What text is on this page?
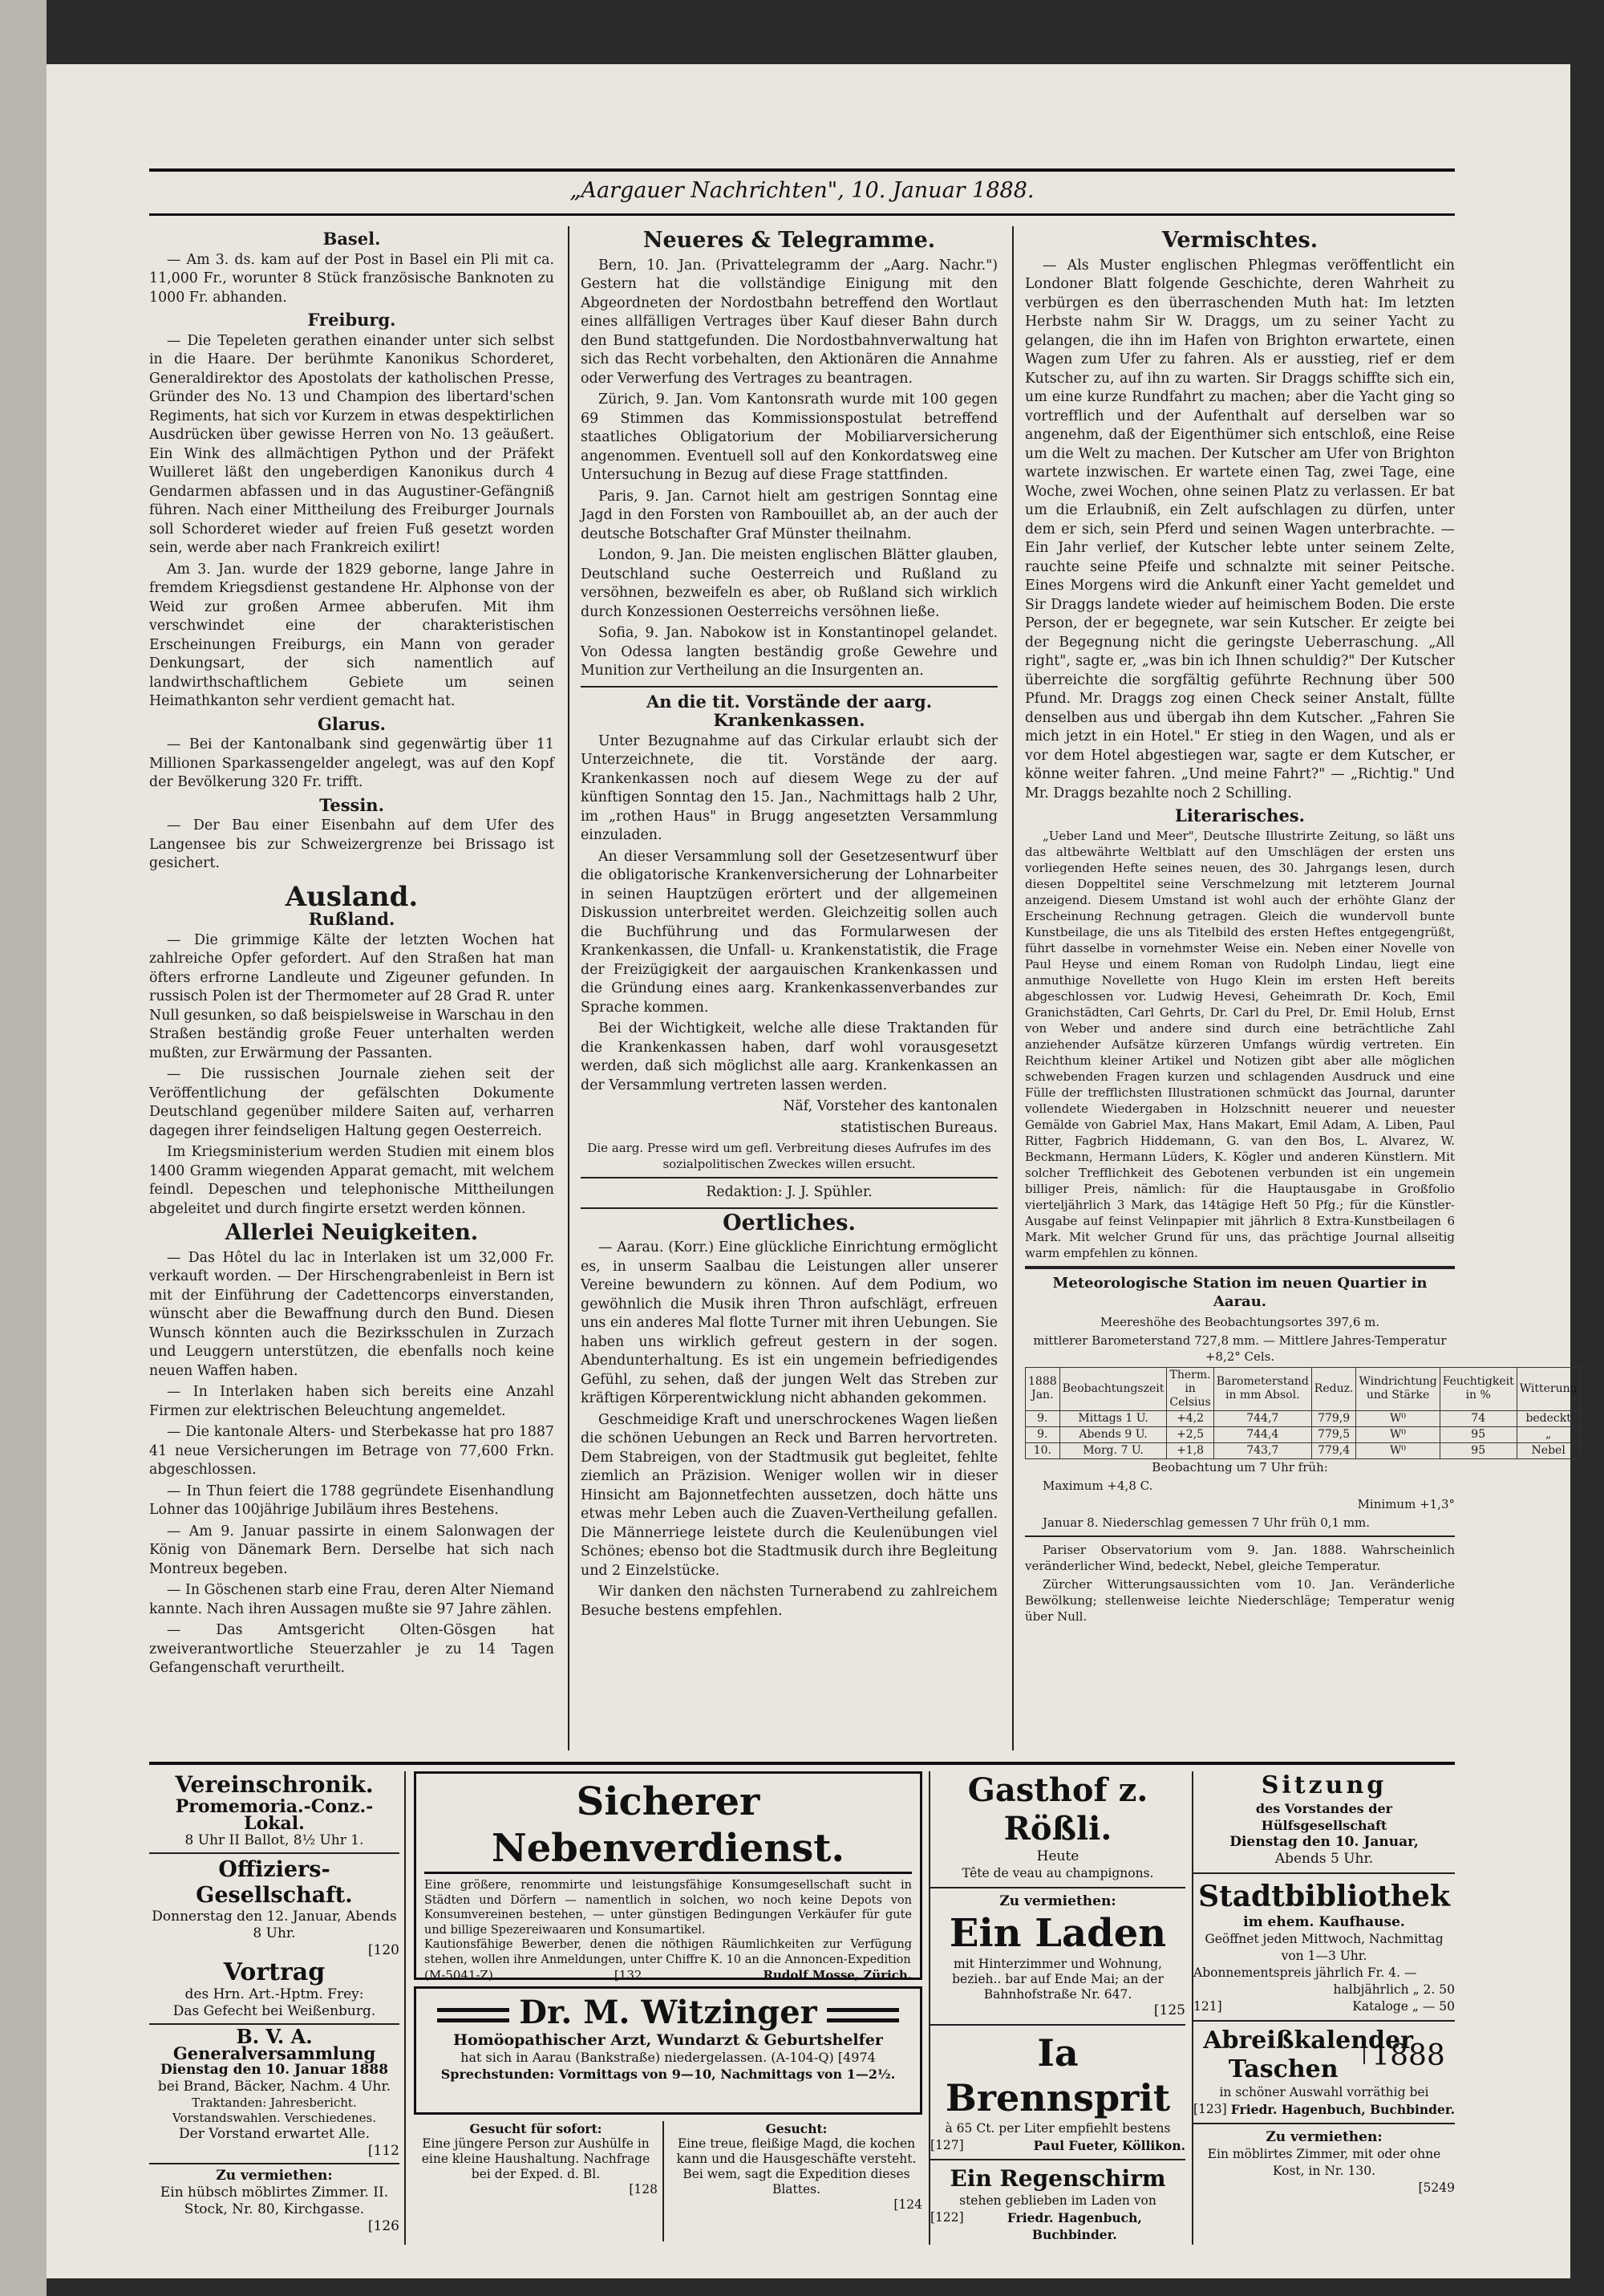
„Aargauer Nachrichten", 10. Januar 1888.
Basel.

— Am 3. ds. kam auf der Post in Basel ein Pli mit ca. 11,000 Fr., worunter 8 Stück französische Banknoten zu 1000 Fr. abhanden.

Freiburg.

— Die Tepeleten gerathen einander unter sich selbst in die Haare. Der berühmte Kanonikus Schorderet, Generaldirektor des Apostolats der katholischen Presse, Gründer des No. 13 und Champion des libertard'schen Regiments, hat sich vor Kurzem in etwas despektirlichen Ausdrücken über gewisse Herren von No. 13 geäußert. Ein Wink des allmächtigen Python und der Präfekt Wuilleret läßt den ungeberdigen Kanonikus durch 4 Gendarmen abfassen und in das Augustiner-Gefängniß führen. Nach einer Mittheilung des Freiburger Journals soll Schorderet wieder auf freien Fuß gesetzt worden sein, werde aber nach Frankreich exilirt!

Am 3. Jan. wurde der 1829 geborne, lange Jahre in fremdem Kriegsdienst gestandene Hr. Alphonse von der Weid zur großen Armee abberufen. Mit ihm verschwindet eine der charakteristischen Erscheinungen Freiburgs, ein Mann von gerader Denkungsart, der sich namentlich auf landwirthschaftlichem Gebiete um seinen Heimathkanton sehr verdient gemacht hat.

Glarus.

— Bei der Kantonalbank sind gegenwärtig über 11 Millionen Sparkassengelder angelegt, was auf den Kopf der Bevölkerung 320 Fr. trifft.

Tessin.

— Der Bau einer Eisenbahn auf dem Ufer des Langensee bis zur Schweizergrenze bei Brissago ist gesichert.

Ausland.
Rußland.

— Die grimmige Kälte der letzten Wochen hat zahlreiche Opfer gefordert. Auf den Straßen hat man öfters erfrorne Landleute und Zigeuner gefunden. In russisch Polen ist der Thermometer auf 28 Grad R. unter Null gesunken, so daß beispielsweise in Warschau in den Straßen beständig große Feuer unterhalten werden mußten, zur Erwärmung der Passanten.

— Die russischen Journale ziehen seit der Veröffentlichung der gefälschten Dokumente Deutschland gegenüber mildere Saiten auf, verharren dagegen ihrer feindseligen Haltung gegen Oesterreich.

Im Kriegsministerium werden Studien mit einem blos 1400 Gramm wiegenden Apparat gemacht, mit welchem feindl. Depeschen und telephonische Mittheilungen abgeleitet und durch fingirte ersetzt werden können.

Allerlei Neuigkeiten.

— Das Hôtel du lac in Interlaken ist um 32,000 Fr. verkauft worden. — Der Hirschengrabenleist in Bern ist mit der Einführung der Cadettencorps einverstanden, wünscht aber die Bewaffnung durch den Bund. Diesen Wunsch könnten auch die Bezirksschulen in Zurzach und Leuggern unterstützen, die ebenfalls noch keine neuen Waffen haben.

— In Interlaken haben sich bereits eine Anzahl Firmen zur elektrischen Beleuchtung angemeldet.

— Die kantonale Alters- und Sterbekasse hat pro 1887 41 neue Versicherungen im Betrage von 77,600 Frkn. abgeschlossen.

— In Thun feiert die 1788 gegründete Eisenhandlung Lohner das 100jährige Jubiläum ihres Bestehens.

— Am 9. Januar passirte in einem Salonwagen der König von Dänemark Bern. Derselbe hat sich nach Montreux begeben.

— In Göschenen starb eine Frau, deren Alter Niemand kannte. Nach ihren Aussagen mußte sie 97 Jahre zählen.

— Das Amtsgericht Olten-Gösgen hat zweiverantwortliche Steuerzahler je zu 14 Tagen Gefangenschaft verurtheilt.

Neueres & Telegramme.

Bern, 10. Jan. (Privattelegramm der „Aarg. Nachr.") Gestern hat die vollständige Einigung mit den Abgeordneten der Nordostbahn betreffend den Wortlaut eines allfälligen Vertrages über Kauf dieser Bahn durch den Bund stattgefunden. Die Nordostbahnverwaltung hat sich das Recht vorbehalten, den Aktionären die Annahme oder Verwerfung des Vertrages zu beantragen.

Zürich, 9. Jan. Vom Kantonsrath wurde mit 100 gegen 69 Stimmen das Kommissionspostulat betreffend staatliches Obligatorium der Mobiliarversicherung angenommen. Eventuell soll auf den Konkordatsweg eine Untersuchung in Bezug auf diese Frage stattfinden.

Paris, 9. Jan. Carnot hielt am gestrigen Sonntag eine Jagd in den Forsten von Rambouillet ab, an der auch der deutsche Botschafter Graf Münster theilnahm.

London, 9. Jan. Die meisten englischen Blätter glauben, Deutschland suche Oesterreich und Rußland zu versöhnen, bezweifeln es aber, ob Rußland sich wirklich durch Konzessionen Oesterreichs versöhnen ließe.

Sofia, 9. Jan. Nabokow ist in Konstantinopel gelandet. Von Odessa langten beständig große Gewehre und Munition zur Vertheilung an die Insurgenten an.

An die tit. Vorstände der aarg. Krankenkassen.

Unter Bezugnahme auf das Cirkular erlaubt sich der Unterzeichnete, die tit. Vorstände der aarg. Krankenkassen noch auf diesem Wege zu der auf künftigen Sonntag den 15. Jan., Nachmittags halb 2 Uhr, im „rothen Haus" in Brugg angesetzten Versammlung einzuladen.

An dieser Versammlung soll der Gesetzesentwurf über die obligatorische Krankenversicherung der Lohnarbeiter in seinen Hauptzügen erörtert und der allgemeinen Diskussion unterbreitet werden. Gleichzeitig sollen auch die Buchführung und das Formularwesen der Krankenkassen, die Unfall- u. Krankenstatistik, die Frage der Freizügigkeit der aargauischen Krankenkassen und die Gründung eines aarg. Krankenkassenverbandes zur Sprache kommen.

Bei der Wichtigkeit, welche alle diese Traktanden für die Krankenkassen haben, darf wohl vorausgesetzt werden, daß sich möglichst alle aarg. Krankenkassen an der Versammlung vertreten lassen werden.

Näf, Vorsteher des kantonalen

statistischen Bureaus.

Die aarg. Presse wird um gefl. Verbreitung dieses Aufrufes im des sozialpolitischen Zweckes willen ersucht.

Redaktion: J. J. Spühler.

Oertliches.

— Aarau. (Korr.) Eine glückliche Einrichtung ermöglicht es, in unserm Saalbau die Leistungen aller unserer Vereine bewundern zu können. Auf dem Podium, wo gewöhnlich die Musik ihren Thron aufschlägt, erfreuen uns ein anderes Mal flotte Turner mit ihren Uebungen. Sie haben uns wirklich gefreut gestern in der sogen. Abendunterhaltung. Es ist ein ungemein befriedigendes Gefühl, zu sehen, daß der jungen Welt das Streben zur kräftigen Körperentwicklung nicht abhanden gekommen.

Geschmeidige Kraft und unerschrockenes Wagen ließen die schönen Uebungen an Reck und Barren hervortreten. Dem Stabreigen, von der Stadtmusik gut begleitet, fehlte ziemlich an Präzision. Weniger wollen wir in dieser Hinsicht am Bajonnetfechten aussetzen, doch hätte uns etwas mehr Leben auch die Zuaven-Vertheilung gefallen. Die Männerriege leistete durch die Keulenübungen viel Schönes; ebenso bot die Stadtmusik durch ihre Begleitung und 2 Einzelstücke.

Wir danken den nächsten Turnerabend zu zahlreichem Besuche bestens empfehlen.

Vermischtes.

— Als Muster englischen Phlegmas veröffentlicht ein Londoner Blatt folgende Geschichte, deren Wahrheit zu verbürgen es den überraschenden Muth hat: Im letzten Herbste nahm Sir W. Draggs, um zu seiner Yacht zu gelangen, die ihn im Hafen von Brighton erwartete, einen Wagen zum Ufer zu fahren. Als er ausstieg, rief er dem Kutscher zu, auf ihn zu warten. Sir Draggs schiffte sich ein, um eine kurze Rundfahrt zu machen; aber die Yacht ging so vortrefflich und der Aufenthalt auf derselben war so angenehm, daß der Eigenthümer sich entschloß, eine Reise um die Welt zu machen. Der Kutscher am Ufer von Brighton wartete inzwischen. Er wartete einen Tag, zwei Tage, eine Woche, zwei Wochen, ohne seinen Platz zu verlassen. Er bat um die Erlaubniß, ein Zelt aufschlagen zu dürfen, unter dem er sich, sein Pferd und seinen Wagen unterbrachte. — Ein Jahr verlief, der Kutscher lebte unter seinem Zelte, rauchte seine Pfeife und schnalzte mit seiner Peitsche. Eines Morgens wird die Ankunft einer Yacht gemeldet und Sir Draggs landete wieder auf heimischem Boden. Die erste Person, der er begegnete, war sein Kutscher. Er zeigte bei der Begegnung nicht die geringste Ueberraschung. „All right", sagte er, „was bin ich Ihnen schuldig?" Der Kutscher überreichte die sorgfältig geführte Rechnung über 500 Pfund. Mr. Draggs zog einen Check seiner Anstalt, füllte denselben aus und übergab ihn dem Kutscher. „Fahren Sie mich jetzt in ein Hotel." Er stieg in den Wagen, und als er vor dem Hotel abgestiegen war, sagte er dem Kutscher, er könne weiter fahren. „Und meine Fahrt?" — „Richtig." Und Mr. Draggs bezahlte noch 2 Schilling.

Literarisches.

„Ueber Land und Meer", Deutsche Illustrirte Zeitung, so läßt uns das altbewährte Weltblatt auf den Umschlägen der ersten uns vorliegenden Hefte seines neuen, des 30. Jahrgangs lesen, durch diesen Doppeltitel seine Verschmelzung mit letzterem Journal anzeigend. Diesem Umstand ist wohl auch der erhöhte Glanz der Erscheinung Rechnung getragen. Gleich die wundervoll bunte Kunstbeilage, die uns als Titelbild des ersten Heftes entgegengrüßt, führt dasselbe in vornehmster Weise ein. Neben einer Novelle von Paul Heyse und einem Roman von Rudolph Lindau, liegt eine anmuthige Novellette von Hugo Klein im ersten Heft bereits abgeschlossen vor. Ludwig Hevesi, Geheimrath Dr. Koch, Emil Granichstädten, Carl Gehrts, Dr. Carl du Prel, Dr. Emil Holub, Ernst von Weber und andere sind durch eine beträchtliche Zahl anziehender Aufsätze kürzeren Umfangs würdig vertreten. Ein Reichthum kleiner Artikel und Notizen gibt aber alle möglichen schwebenden Fragen kurzen und schlagenden Ausdruck und eine Fülle der trefflichsten Illustrationen schmückt das Journal, darunter vollendete Wiedergaben in Holzschnitt neuerer und neuester Gemälde von Gabriel Max, Hans Makart, Emil Adam, A. Liben, Paul Ritter, Fagbrich Hiddemann, G. van den Bos, L. Alvarez, W. Beckmann, Hermann Lüders, K. Kögler und anderen Künstlern. Mit solcher Trefflichkeit des Gebotenen verbunden ist ein ungemein billiger Preis, nämlich: für die Hauptausgabe in Großfolio vierteljährlich 3 Mark, das 14tägige Heft 50 Pfg.; für die Künstler-Ausgabe auf feinst Velinpapier mit jährlich 8 Extra-Kunstbeilagen 6 Mark. Mit welcher Grund für uns, das prächtige Journal allseitig warm empfehlen zu können.

Meteorologische Station im neuen Quartier in Aarau.

Meereshöhe des Beobachtungsortes 397,6 m.

mittlerer Barometerstand 727,8 mm. — Mittlere Jahres-Temperatur +8,2° Cels.

1888 Jan.	Beobachtungszeit	Therm. in Celsius	Barometerstand in mm Absol.	Reduz.	Windrichtung und Stärke	Feuchtigkeit in %	Witterung
9.	Mittags 1 U.	+4,2	744,7	779,9	W⁰	74	bedeckt
9.	Abends 9 U.	+2,5	744,4	779,5	W⁰	95	„
10.	Morg. 7 U.	+1,8	743,7	779,4	W⁰	95	Nebel

Beobachtung um 7 Uhr früh:

Maximum +4,8 C.

Minimum +1,3°

Januar 8. Niederschlag gemessen 7 Uhr früh 0,1 mm.

Pariser Observatorium vom 9. Jan. 1888. Wahrscheinlich veränderlicher Wind, bedeckt, Nebel, gleiche Temperatur.

Zürcher Witterungsaussichten vom 10. Jan. Veränderliche Bewölkung; stellenweise leichte Niederschläge; Temperatur wenig über Null.

Vereinschronik.
Promemoria.-Conz.-Lokal.
8 Uhr II Ballot, 8½ Uhr 1.
Offiziers-Gesellschaft.
Donnerstag den 12. Januar, Abends 8 Uhr.
[120
Vortrag
des Hrn. Art.-Hptm. Frey:
Das Gefecht bei Weißenburg.
B. V. A.
Generalversammlung
Dienstag den 10. Januar 1888
bei Brand, Bäcker, Nachm. 4 Uhr.
Traktanden: Jahresbericht. Vorstandswahlen. Verschiedenes.
Der Vorstand erwartet Alle.
[112
Zu vermiethen:
Ein hübsch möblirtes Zimmer. II. Stock, Nr. 80, Kirchgasse.
[126
Sicherer Nebenverdienst.
Eine größere, renommirte und leistungsfähige Konsumgesellschaft sucht in Städten und Dörfern — namentlich in solchen, wo noch keine Depots von Konsumvereinen bestehen, — unter günstigen Bedingungen Verkäufer für gute und billige Spezereiwaaren und Konsumartikel.
Kautionsfähige Bewerber, denen die nöthigen Räumlichkeiten zur Verfügung stehen, wollen ihre Anmeldungen, unter Chiffre K. 10 an die Annoncen-Expedition
(M-5041-Z)	[132	Rudolf Mosse, Zürich.
Dr. M. Witzinger
Homöopathischer Arzt, Wundarzt & Geburtshelfer
hat sich in Aarau (Bankstraße) niedergelassen. (A-104-Q) [4974
Sprechstunden: Vormittags von 9—10, Nachmittags von 1—2½.
Gesucht für sofort:
Eine jüngere Person zur Aushülfe in eine kleine Haushaltung. Nachfrage bei der Exped. d. Bl.
[128
Gesucht:
Eine treue, fleißige Magd, die kochen kann und die Hausgeschäfte versteht. Bei wem, sagt die Expedition dieses Blattes.
[124
Gasthof z. Rößli.
Heute
Tête de veau au champignons.
Zu vermiethen:
Ein Laden
mit Hinterzimmer und Wohnung, bezieh.. bar auf Ende Mai; an der Bahnhofstraße Nr. 647.
[125
Ia Brennsprit
à 65 Ct. per Liter empfiehlt bestens
[127]	Paul Fueter, Köllikon.
Ein Regenschirm
stehen geblieben im Laden von
[122]	Friedr. Hagenbuch, Buchbinder.
Sitzung
des Vorstandes der Hülfsgesellschaft
Dienstag den 10. Januar,
Abends 5 Uhr.
Stadtbibliothek
im ehem. Kaufhause.
Geöffnet jeden Mittwoch, Nachmittag von 1—3 Uhr.
Abonnementspreis jährlich Fr. 4. —
halbjährlich „ 2. 50
121]	Kataloge „ — 50
Abreißkalender Taschen	1888
in schöner Auswahl vorräthig bei
[123] Friedr. Hagenbuch, Buchbinder.
Zu vermiethen:
Ein möblirtes Zimmer, mit oder ohne Kost, in Nr. 130.
[5249
